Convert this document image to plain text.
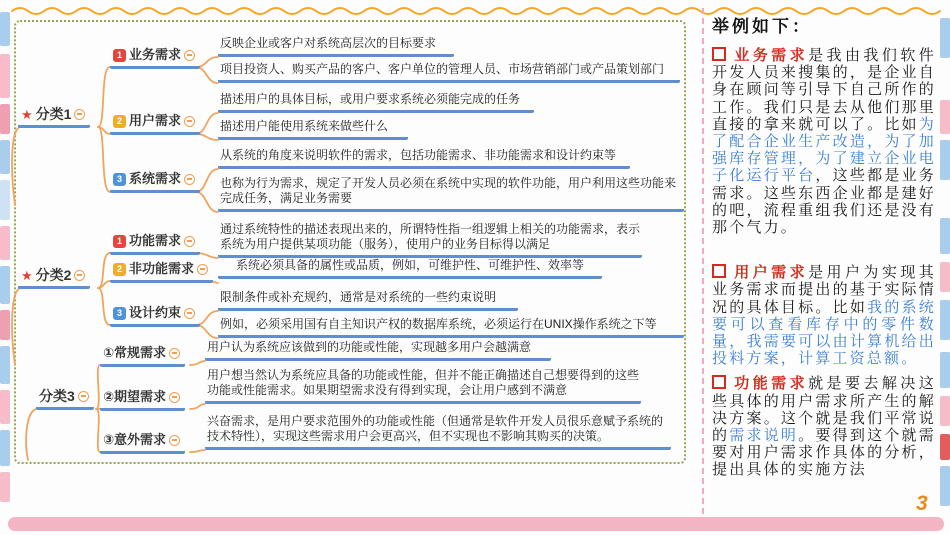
★ 分类1
1 业务需求
反映企业或客户对系统高层次的目标要求
项目投资人、购买产品的客户、客户单位的管理人员、市场营销部门或产品策划部门
2 用户需求
描述用户的具体目标，或用户要求系统必须能完成的任务
描述用户能使用系统来做些什么
3 系统需求
从系统的角度来说明软件的需求，包括功能需求、非功能需求和设计约束等
也称为行为需求，规定了开发人员必须在系统中实现的软件功能，用户利用这些功能来完成任务，满足业务需要
★ 分类2
1 功能需求
通过系统特性的描述表现出来的，所谓特性指一组逻辑上相关的功能需求，表示系统为用户提供某项功能（服务），使用户的业务目标得以满足
2 非功能需求	系统必须具备的属性或品质，例如，可维护性、可维护性、效率等
3 设计约束
限制条件或补充规约，通常是对系统的一些约束说明
例如，必须采用国有自主知识产权的数据库系统，必须运行在UNIX操作系统之下等
分类3
①常规需求	用户认为系统应该做到的功能或性能，实现越多用户会越满意
②期望需求
用户想当然认为系统应具备的功能或性能，但并不能正确描述自己想要得到的这些功能或性能需求。如果期望需求没有得到实现，会让用户感到不满意
③意外需求
兴奋需求，是用户要求范围外的功能或性能（但通常是软件开发人员很乐意赋予系统的技术特性），实现这些需求用户会更高兴，但不实现也不影响其购买的决策。
举例如下：

业务需求是我由我们软件开发人员来搜集的，是企业自身在顾问等引导下自己所作的工作。我们只是去从他们那里直接的拿来就可以了。比如为了配合企业生产改造，为了加强库存管理，为了建立企业电子化运行平台，这些都是业务需求。这些东西企业都是建好的吧，流程重组我们还是没有那个气力。

用户需求是用户为实现其业务需求而提出的基于实际情况的具体目标。比如我的系统要可以查看库存中的零件数量，我需要可以由计算机给出投料方案，计算工资总额。

功能需求就是要去解决这些具体的用户需求所产生的解决方案。这个就是我们平常说的需求说明。要得到这个就需要对用户需求作具体的分析，提出具体的实施方法

3
